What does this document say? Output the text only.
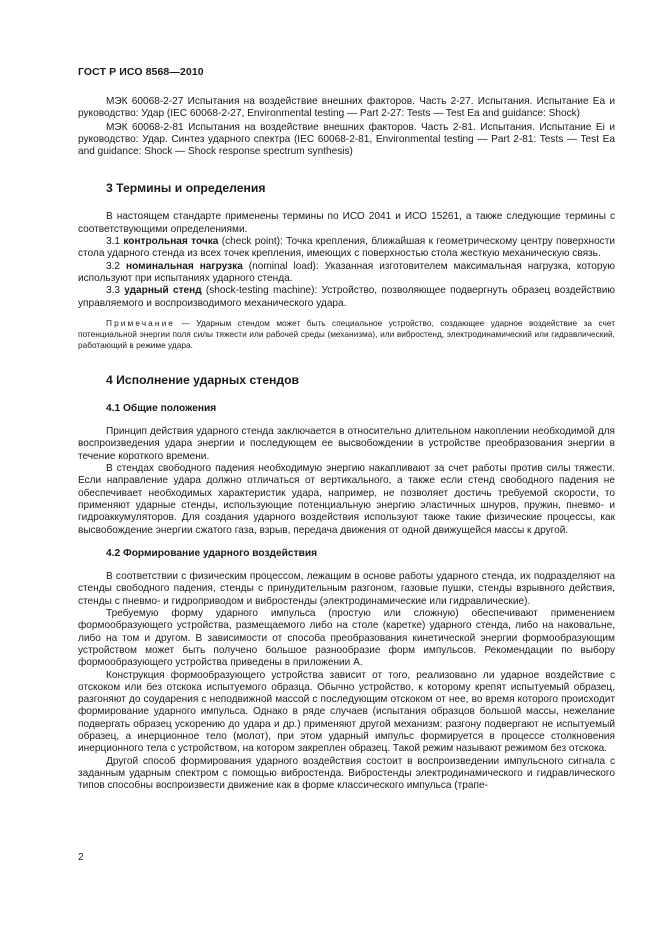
ГОСТ Р ИСО 8568—2010

МЭК 60068-2-27 Испытания на воздействие внешних факторов. Часть 2-27. Испытания. Испытание Еа и руководство: Удар (IEC 60068-2-27, Environmental testing — Part 2-27: Tests — Test Ea and guidance: Shock)

МЭК 60068-2-81 Испытания на воздействие внешних факторов. Часть 2-81. Испытания. Испытание Еі и руководство: Удар. Синтез ударного спектра (IEC 60068-2-81, Environmental testing — Part 2-81: Tests — Test Ea and guidance: Shock — Shock response spectrum synthesis)

3 Термины и определения

В настоящем стандарте применены термины по ИСО 2041 и ИСО 15261, а также следующие термины с соответствующими определениями.

3.1 контрольная точка (check point): Точка крепления, ближайшая к геометрическому центру поверхности стола ударного стенда из всех точек крепления, имеющих с поверхностью стола жесткую механическую связь.

3.2 номинальная нагрузка (nominal load): Указанная изготовителем максимальная нагрузка, которую используют при испытаниях ударного стенда.

3.3 ударный стенд (shock-testing machine): Устройство, позволяющее подвергнуть образец воздействию управляемого и воспроизводимого механического удара.

Примечание — Ударным стендом может быть специальное устройство, создающее ударное воздействие за счет потенциальной энергии поля силы тяжести или рабочей среды (механизма), или вибростенд, электродинамический или гидравлический, работающий в режиме удара.

4 Исполнение ударных стендов
4.1 Общие положения

Принцип действия ударного стенда заключается в относительно длительном накоплении необходимой для воспроизведения удара энергии и последующем ее высвобождении в устройстве преобразования энергии в течение короткого времени.

В стендах свободного падения необходимую энергию накапливают за счет работы против силы тяжести. Если направление удара должно отличаться от вертикального, а также если стенд свободного падения не обеспечивает необходимых характеристик удара, например, не позволяет достичь требуемой скорости, то применяют ударные стенды, использующие потенциальную энергию эластичных шнуров, пружин, пневмо- и гидроаккумуляторов. Для создания ударного воздействия используют также такие физические процессы, как высвобождение энергии сжатого газа, взрыв, передача движения от одной движущейся массы к другой.

4.2 Формирование ударного воздействия

В соответствии с физическим процессом, лежащим в основе работы ударного стенда, их подразделяют на стенды свободного падения, стенды с принудительным разгоном, газовые пушки, стенды взрывного действия, стенды с пневмо- и гидроприводом и вибростенды (электродинамические или гидравлические).

Требуемую форму ударного импульса (простую или сложную) обеспечивают применением формообразующего устройства, размещаемого либо на столе (каретке) ударного стенда, либо на наковальне, либо на том и другом. В зависимости от способа преобразования кинетической энергии формообразующим устройством может быть получено большое разнообразие форм импульсов. Рекомендации по выбору формообразующего устройства приведены в приложении А.

Конструкция формообразующего устройства зависит от того, реализовано ли ударное воздействие с отскоком или без отскока испытуемого образца. Обычно устройство, к которому крепят испытуемый образец, разгоняют до соударения с неподвижной массой с последующим отскоком от нее, во время которого происходит формирование ударного импульса. Однако в ряде случаев (испытания образцов большой массы, нежелание подвергать образец ускорению до удара и др.) применяют другой механизм: разгону подвергают не испытуемый образец, а инерционное тело (молот), при этом ударный импульс формируется в процессе столкновения инерционного тела с устройством, на котором закреплен образец. Такой режим называют режимом без отскока.

Другой способ формирования ударного воздействия состоит в воспроизведении импульсного сигнала с заданным ударным спектром с помощью вибростенда. Вибростенды электродинамического и гидравлического типов способны воспроизвести движение как в форме классического импульса (трапе-

2
